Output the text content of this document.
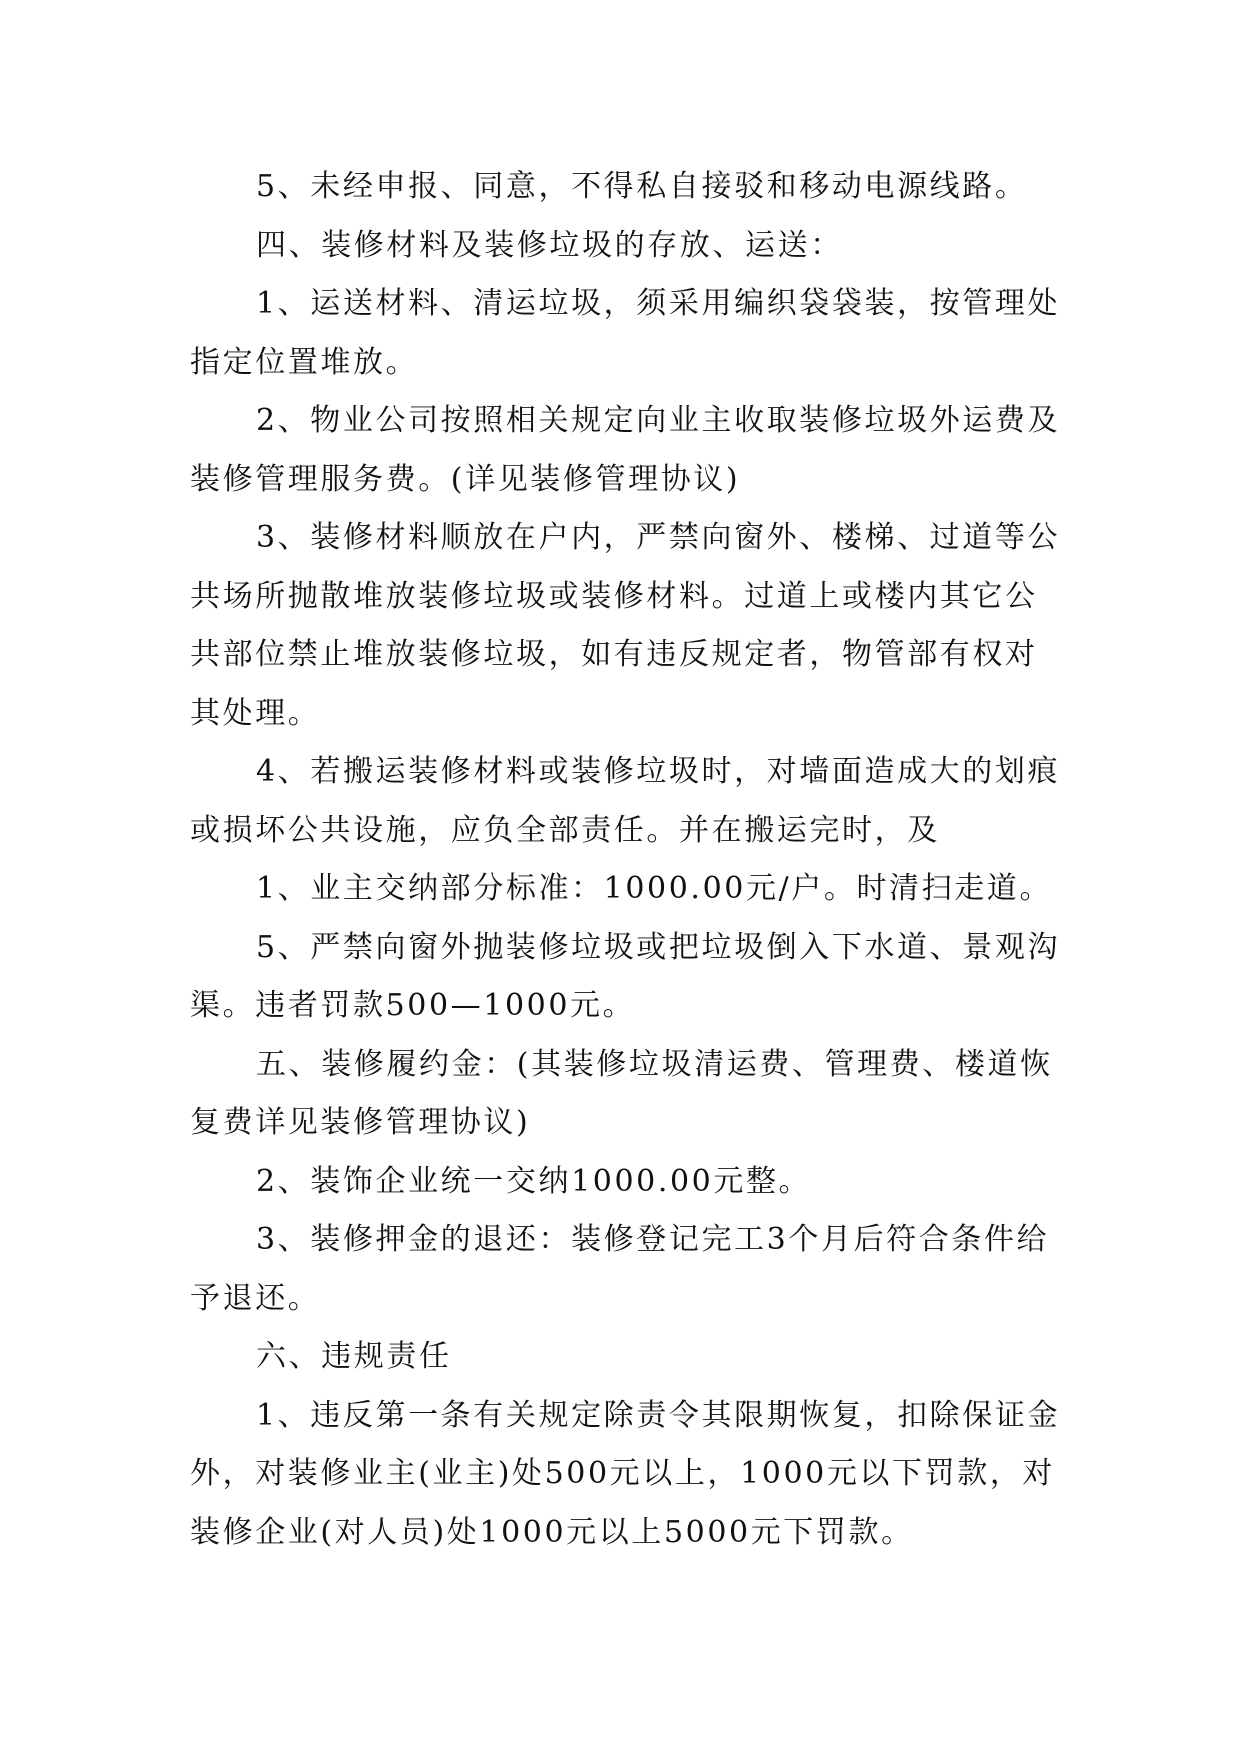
5、未经申报、同意，不得私自接驳和移动电源线路。

四、装修材料及装修垃圾的存放、运送：

1、运送材料、清运垃圾，须采用编织袋袋装，按管理处指定位置堆放。

2、物业公司按照相关规定向业主收取装修垃圾外运费及装修管理服务费。(详见装修管理协议)

3、装修材料顺放在户内，严禁向窗外、楼梯、过道等公共场所抛散堆放装修垃圾或装修材料。过道上或楼内其它公共部位禁止堆放装修垃圾，如有违反规定者，物管部有权对其处理。

4、若搬运装修材料或装修垃圾时，对墙面造成大的划痕或损坏公共设施，应负全部责任。并在搬运完时，及

1、业主交纳部分标准：1000.00元/户。时清扫走道。

5、严禁向窗外抛装修垃圾或把垃圾倒入下水道、景观沟渠。违者罚款500—1000元。

五、装修履约金：(其装修垃圾清运费、管理费、楼道恢复费详见装修管理协议)

2、装饰企业统一交纳1000.00元整。

3、装修押金的退还：装修登记完工3个月后符合条件给予退还。

六、违规责任

1、违反第一条有关规定除责令其限期恢复，扣除保证金外，对装修业主(业主)处500元以上，1000元以下罚款，对装修企业(对人员)处1000元以上5000元下罚款。
